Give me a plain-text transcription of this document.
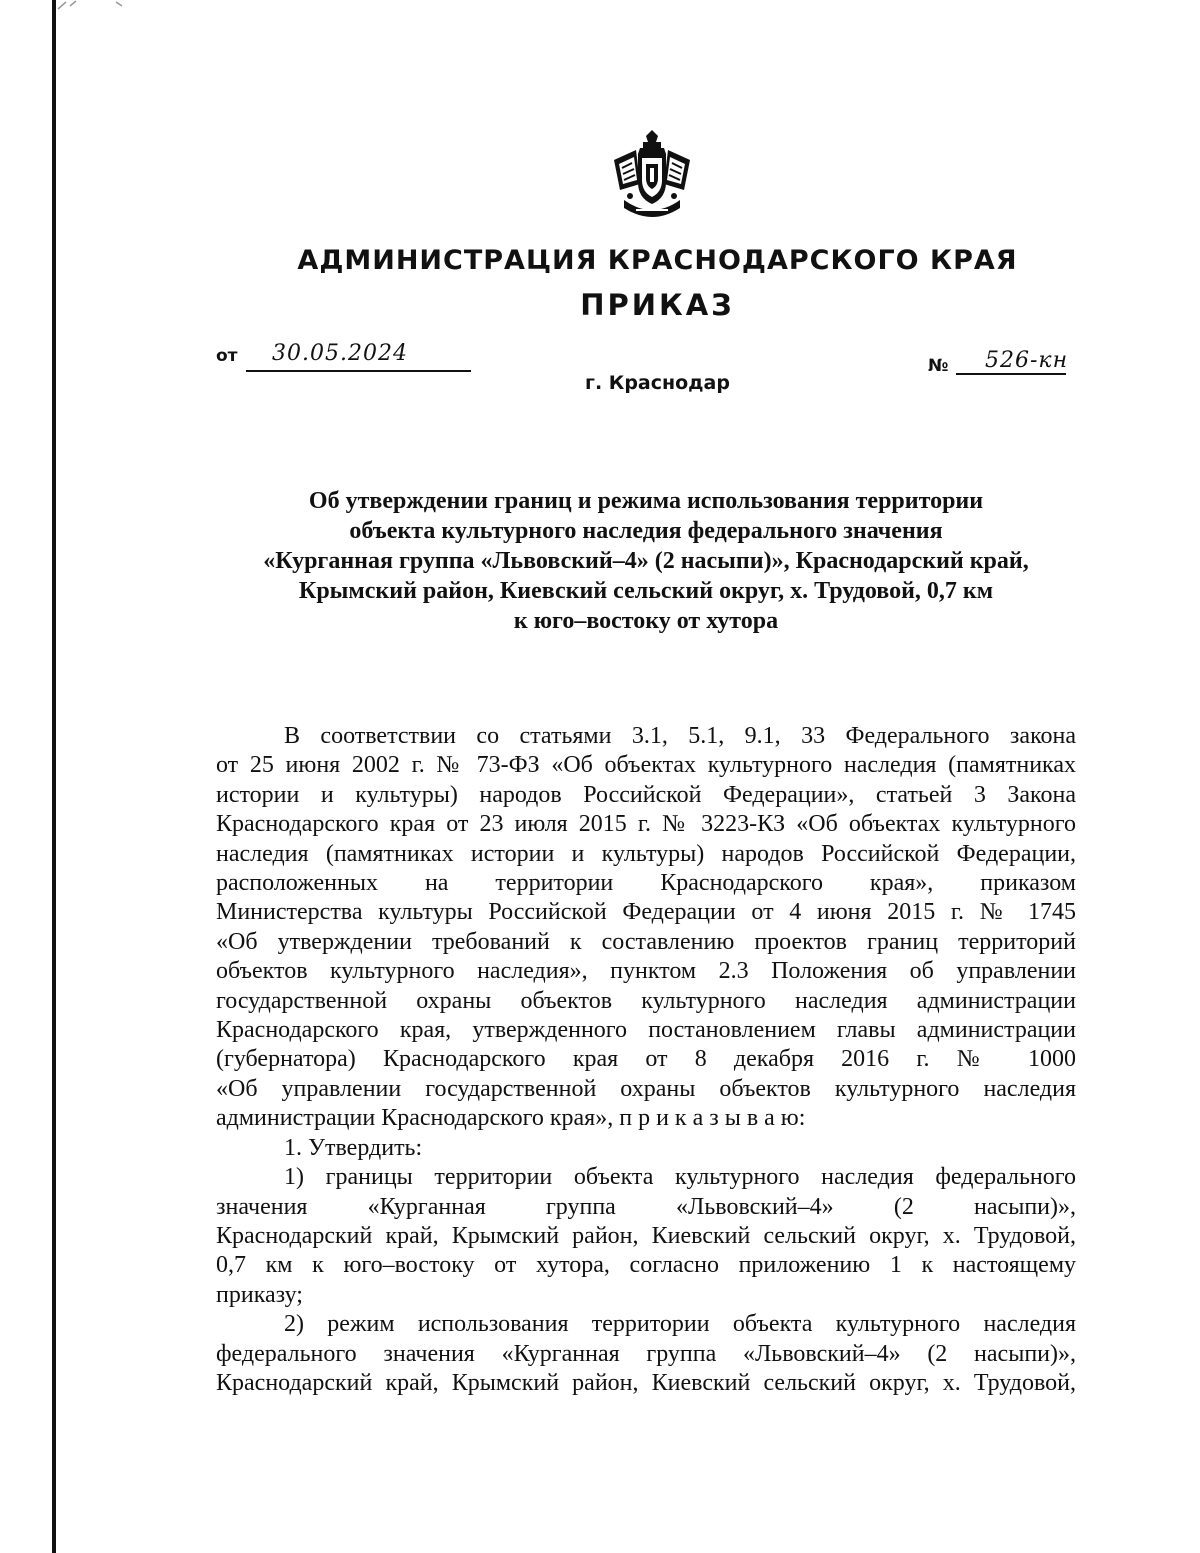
АДМИНИСТРАЦИЯ КРАСНОДАРСКОГО КРАЯ
ПРИКАЗ
от 30.05.2024	№ 526-кн
г. Краснодар
Об утверждении границ и режима использования территории
объекта культурного наследия федерального значения
«Курганная группа «Львовский–4» (2 насыпи)», Краснодарский край,
Крымский район, Киевский сельский округ, х. Трудовой, 0,7 км
к юго–востоку от хутора
В соответствии со статьями 3.1, 5.1, 9.1, 33 Федерального закона
от 25 июня 2002 г. № 73-ФЗ «Об объектах культурного наследия (памятниках
истории и культуры) народов Российской Федерации», статьей 3 Закона
Краснодарского края от 23 июля 2015 г. № 3223-КЗ «Об объектах культурного
наследия (памятниках истории и культуры) народов Российской Федерации,
расположенных на территории Краснодарского края», приказом
Министерства культуры Российской Федерации от 4 июня 2015 г. № 1745
«Об утверждении требований к составлению проектов границ территорий
объектов культурного наследия», пунктом 2.3 Положения об управлении
государственной охраны объектов культурного наследия администрации
Краснодарского края, утвержденного постановлением главы администрации
(губернатора) Краснодарского края от 8 декабря 2016 г. № 1000
«Об управлении государственной охраны объектов культурного наследия
администрации Краснодарского края», п р и к а з ы в а ю:
1. Утвердить:
1) границы территории объекта культурного наследия федерального
значения «Курганная группа «Львовский–4» (2 насыпи)»,
Краснодарский край, Крымский район, Киевский сельский округ, х. Трудовой,
0,7 км к юго–востоку от хутора, согласно приложению 1 к настоящему
приказу;
2) режим использования территории объекта культурного наследия
федерального значения «Курганная группа «Львовский–4» (2 насыпи)»,
Краснодарский край, Крымский район, Киевский сельский округ, х. Трудовой,
